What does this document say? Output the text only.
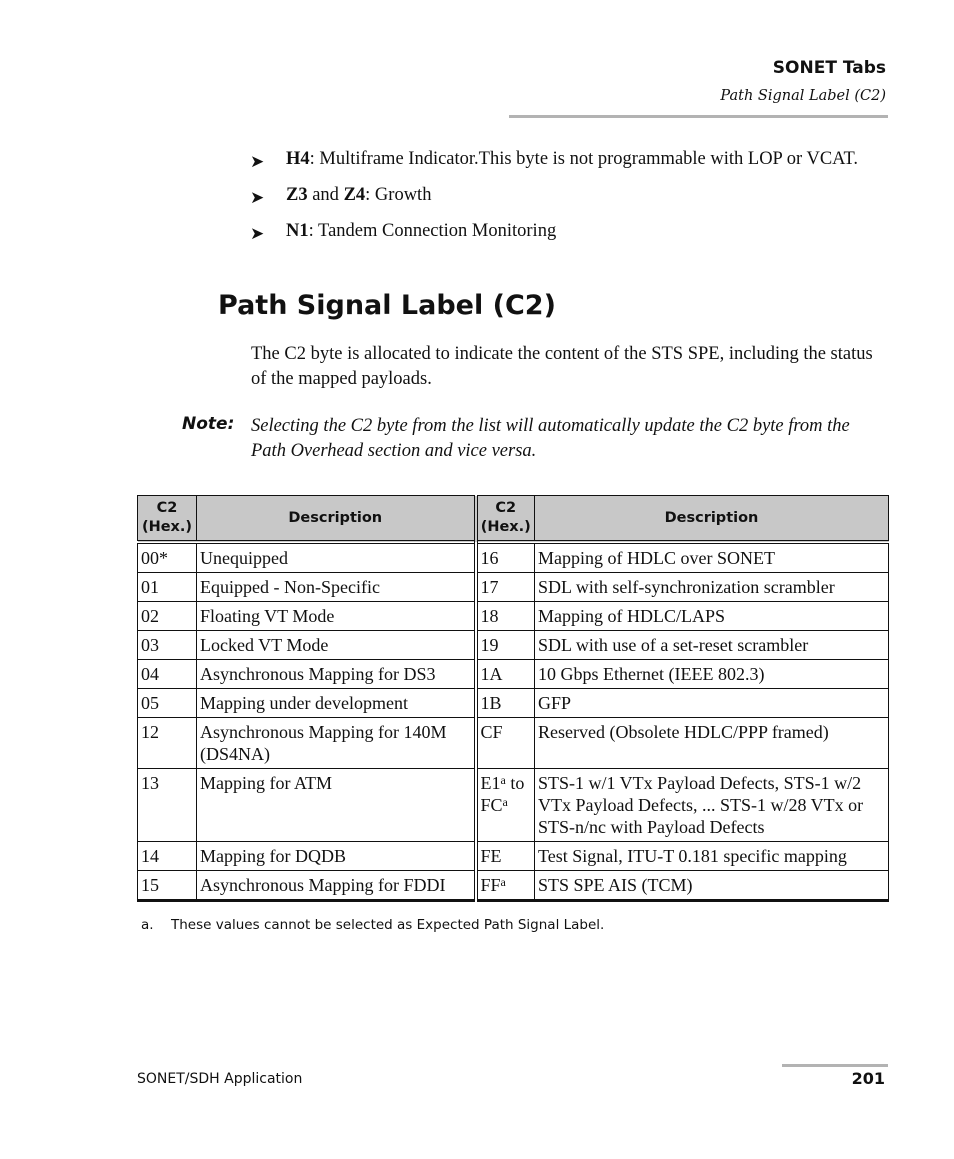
SONET Tabs
Path Signal Label (C2)
➤	H4: Multiframe Indicator.This byte is not programmable with LOP or VCAT.
➤	Z3 and Z4: Growth
➤	N1: Tandem Connection Monitoring
Path Signal Label (C2)
The C2 byte is allocated to indicate the content of the STS SPE, including the status of the mapped payloads.
Note: Selecting the C2 byte from the list will automatically update the C2 byte from the Path Overhead section and vice versa.
C2 (Hex.)	Description	C2 (Hex.)	Description
00*	Unequipped	16	Mapping of HDLC over SONET
01	Equipped - Non-Specific	17	SDL with self-synchronization scrambler
02	Floating VT Mode	18	Mapping of HDLC/LAPS
03	Locked VT Mode	19	SDL with use of a set-reset scrambler
04	Asynchronous Mapping for DS3	1A	10 Gbps Ethernet (IEEE 802.3)
05	Mapping under development	1B	GFP
12	Asynchronous Mapping for 140M (DS4NA)	CF	Reserved (Obsolete HDLC/PPP framed)
13	Mapping for ATM	E1$^a$ to $FC^a$	STS-1 w/1 VTx Payload Defects, STS-1 w/2 VTx Payload Defects, ... STS-1 w/28 VTx or STS-n/nc with Payload Defects
14	Mapping for DQDB	FE	Test Signal, ITU-T 0.181 specific mapping
15	Asynchronous Mapping for FDDI	$FF^a$	STS SPE AIS (TCM)
a. These values cannot be selected as Expected Path Signal Label.
SONET/SDH Application	201
